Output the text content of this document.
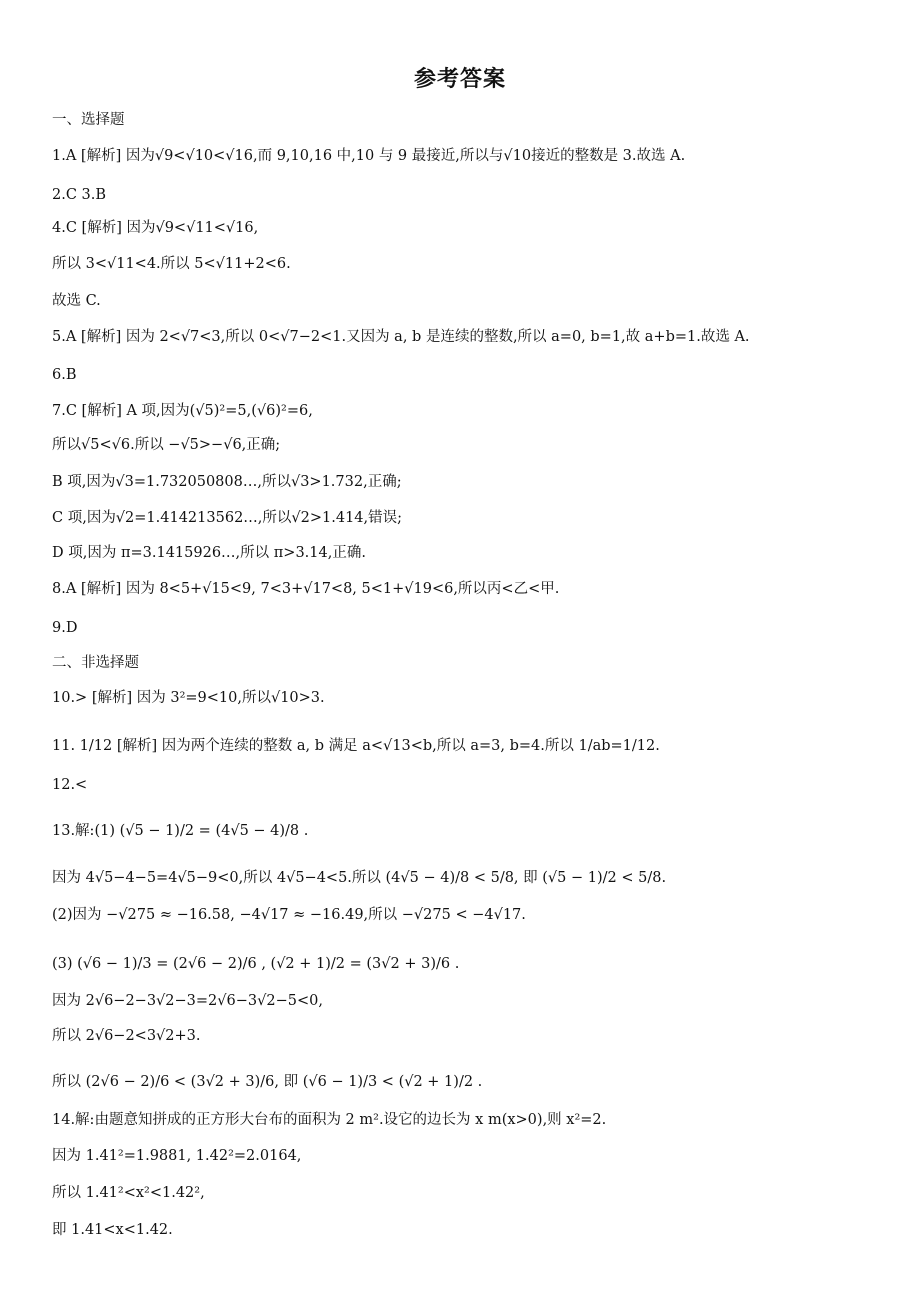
参考答案
一、选择题
1.A [解析] 因为√9<√10<√16,而 9,10,16 中,10 与 9 最接近,所以与√10接近的整数是 3.故选 A.
2.C 3.B
4.C [解析] 因为√9<√11<√16,
所以 3<√11<4.所以 5<√11+2<6.
故选 C.
5.A [解析] 因为 2<√7<3,所以 0<√7−2<1.又因为 a, b 是连续的整数,所以 a=0, b=1,故 a+b=1.故选 A.
6.B
7.C [解析] A 项,因为(√5)²=5,(√6)²=6,
所以√5<√6.所以 −√5>−√6,正确;
B 项,因为√3=1.732050808…,所以√3>1.732,正确;
C 项,因为√2=1.414213562…,所以√2>1.414,错误;
D 项,因为 π=3.1415926…,所以 π>3.14,正确.
8.A [解析] 因为 8<5+√15<9, 7<3+√17<8, 5<1+√19<6,所以丙<乙<甲.
9.D
二、非选择题
10.> [解析] 因为 3²=9<10,所以√10>3.
11. 1/12 [解析] 因为两个连续的整数 a, b 满足 a<√13<b,所以 a=3, b=4.所以 1/ab=1/12.
12.<
13.解:(1) (√5 − 1)/2 = (4√5 − 4)/8 .
因为 4√5−4−5=4√5−9<0,所以 4√5−4<5.所以 (4√5 − 4)/8 < 5/8, 即 (√5 − 1)/2 < 5/8.
(2)因为 −√275 ≈ −16.58, −4√17 ≈ −16.49,所以 −√275 < −4√17.
(3) (√6 − 1)/3 = (2√6 − 2)/6 , (√2 + 1)/2 = (3√2 + 3)/6 .
因为 2√6−2−3√2−3=2√6−3√2−5<0,
所以 2√6−2<3√2+3.
所以 (2√6 − 2)/6 < (3√2 + 3)/6, 即 (√6 − 1)/3 < (√2 + 1)/2 .
14.解:由题意知拼成的正方形大台布的面积为 2 m².设它的边长为 x m(x>0),则 x²=2.
因为 1.41²=1.9881, 1.42²=2.0164,
所以 1.41²<x²<1.42²,
即 1.41<x<1.42.
